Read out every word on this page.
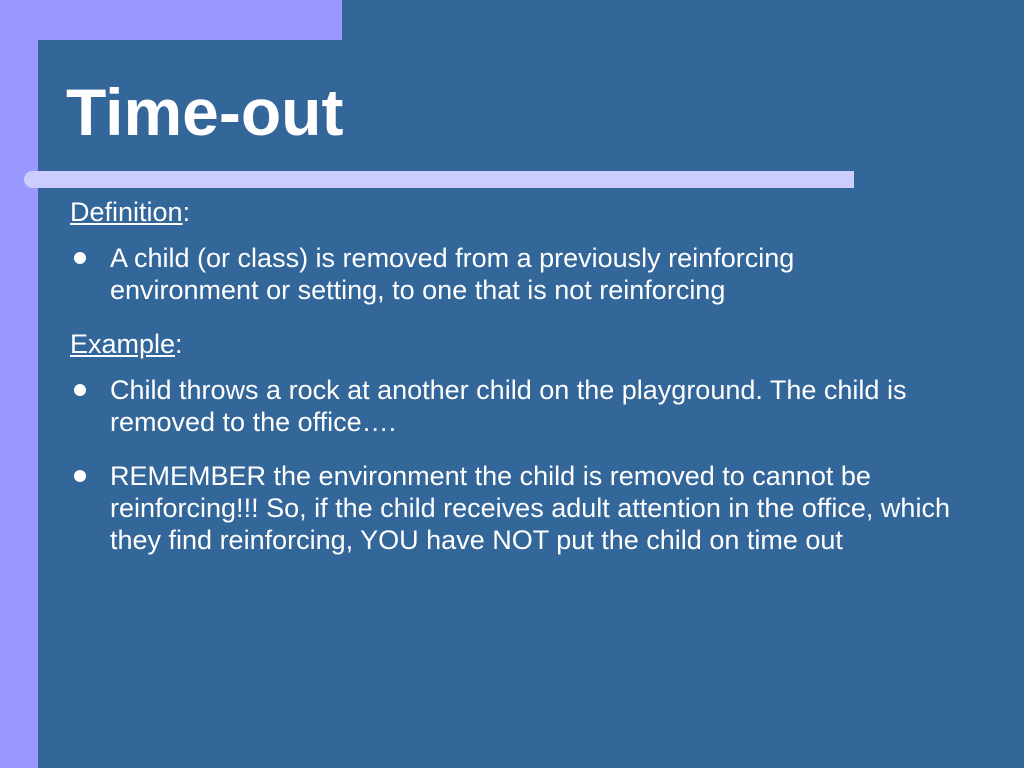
Time-out

Definition:

A child (or class) is removed from a previously reinforcing environment or setting, to one that is not reinforcing

Example:

Child throws a rock at another child on the playground. The child is removed to the office….

REMEMBER the environment the child is removed to cannot be reinforcing!!! So, if the child receives adult attention in the office, which they find reinforcing, YOU have NOT put the child on time out
